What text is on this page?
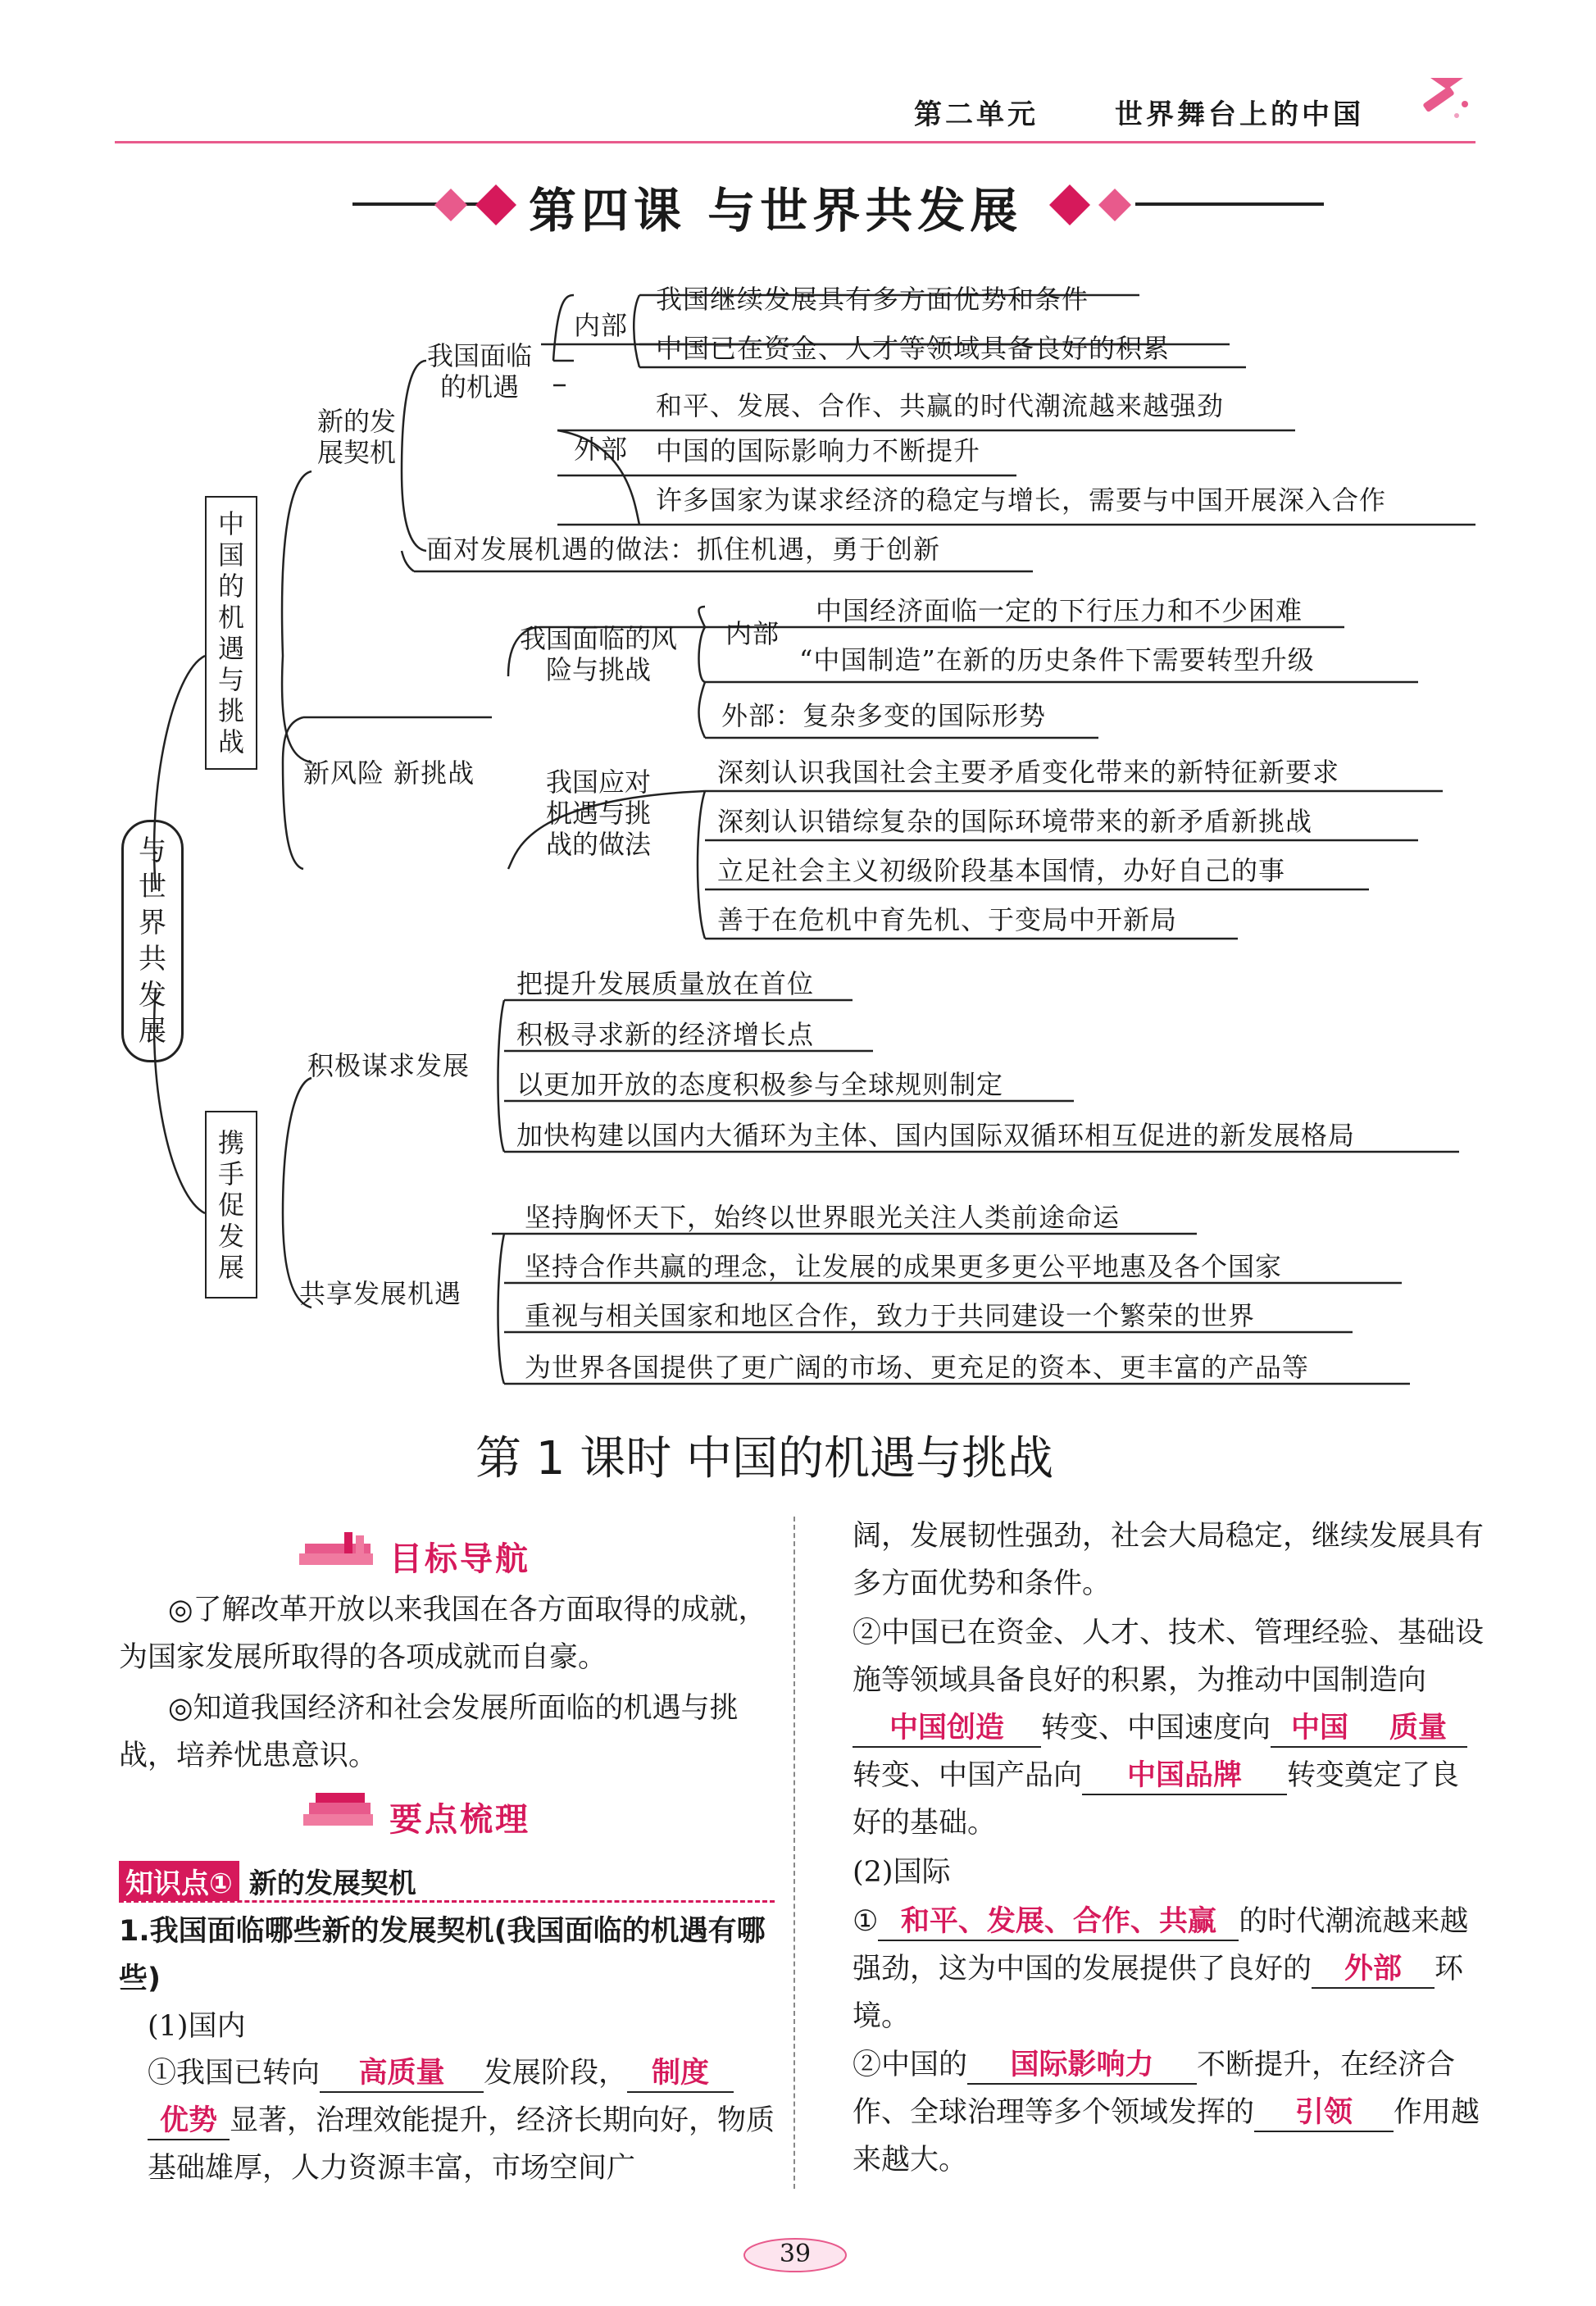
第二单元	世界舞台上的中国
第四课 与世界共发展
与世界共发展
中国的机遇与挑战
携手促发展
新的发展契机
我国面临的机遇
内部
外部
我国继续发展具有多方面优势和条件
中国已在资金、人才等领域具备良好的积累
和平、发展、合作、共赢的时代潮流越来越强劲
中国的国际影响力不断提升
许多国家为谋求经济的稳定与增长，需要与中国开展深入合作
面对发展机遇的做法：抓住机遇，勇于创新
新风险 新挑战
我国面临的风险与挑战
内部
中国经济面临一定的下行压力和不少困难
“中国制造”在新的历史条件下需要转型升级
外部：复杂多变的国际形势
我国应对机遇与挑战的做法
深刻认识我国社会主要矛盾变化带来的新特征新要求
深刻认识错综复杂的国际环境带来的新矛盾新挑战
立足社会主义初级阶段基本国情，办好自己的事
善于在危机中育先机、于变局中开新局
积极谋求发展
把提升发展质量放在首位
积极寻求新的经济增长点
以更加开放的态度积极参与全球规则制定
加快构建以国内大循环为主体、国内国际双循环相互促进的新发展格局
共享发展机遇
坚持胸怀天下，始终以世界眼光关注人类前途命运
坚持合作共赢的理念，让发展的成果更多更公平地惠及各个国家
重视与相关国家和地区合作，致力于共同建设一个繁荣的世界
为世界各国提供了更广阔的市场、更充足的资本、更丰富的产品等
第 1 课时 中国的机遇与挑战
目标导航
◎了解改革开放以来我国在各方面取得的成就，为国家发展所取得的各项成就而自豪。
◎知道我国经济和社会发展所面临的机遇与挑战，培养忧患意识。
要点梳理
知识点① 新的发展契机
1.我国面临哪些新的发展契机(我国面临的机遇有哪些)
(1)国内
①我国已转向 高质量 发展阶段， 制度
优势 显著，治理效能提升，经济长期向好，物质基础雄厚，人力资源丰富，市场空间广
阔，发展韧性强劲，社会大局稳定，继续发展具有多方面优势和条件。
②中国已在资金、人才、技术、管理经验、基础设施等领域具备良好的积累，为推动中国制造向中国创造 转变、中国速度向 中国 质量转变、中国产品向 中国品牌 转变奠定了良好的基础。
(2)国际
① 和平、发展、合作、共赢 的时代潮流越来越强劲，这为中国的发展提供了良好的 外部 环境。
②中国的 国际影响力 不断提升，在经济合作、全球治理等多个领域发挥的 引领 作用越来越大。
39
